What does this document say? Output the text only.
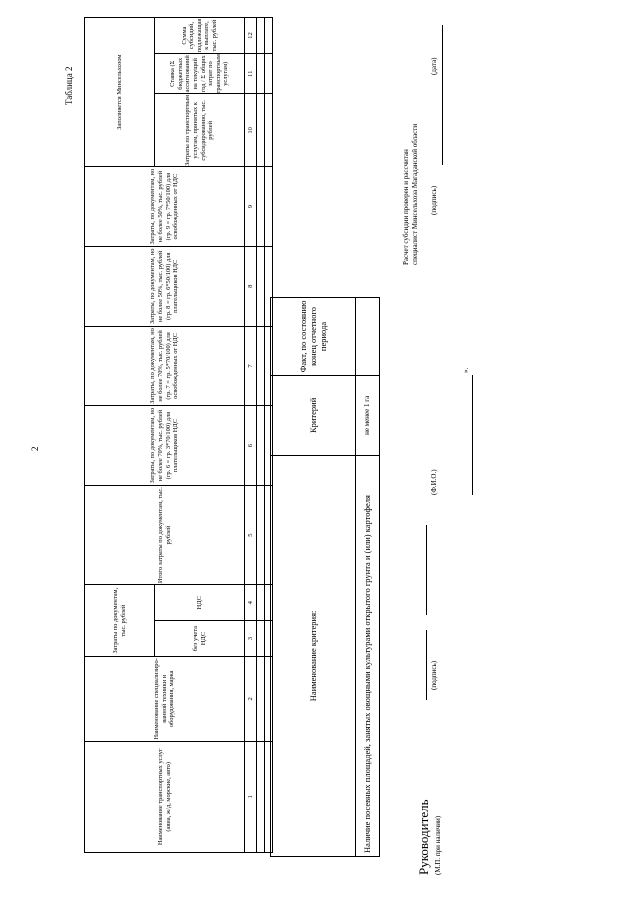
2
Таблица 2
Наименование транспортных услуг (авиа, ж/д, морские, авто)	Наименование специализиро-ванной техники и оборудования, марка	Затраты по документам, тыс. рублей		Итого затраты по документам, тыс. рублей	Затраты, по документам, но не более 70%, тыс. рублей (гр. 6 = гр. 3*70/100) для плательщиков НДС	Затраты, по документам, но не более 70%, тыс. рублей (гр. 7 = гр. 5*70/100) для освобожденных от НДС	Затраты, по документам, но не более 50%, тыс. рублей (гр. 8 = гр. 6*50/100) для плательщиков НДС	Затраты, по документам, но не более 50%, тыс. рублей (гр. 9 = гр. 7*50/100) для освобожденных от НДС	Заполняется Минсельхозом		
		без учета НДС	НДС						Затраты по транспортным услугам, принятых к субсидированию, тыс. рублей	Ставка (Σ бюджетных ассигнований на текущий год / Σ общих затрат по транспортным услугам)	Сумма субсидий, подлежащая к выплате, тыс. рублей
1	2	3	4	5	6	7	8	9	10	11	12

Наименование критерия:	Критерий	Факт, по состоянию конец отчетного периода
Наличие посевных площадей, занятых овощными культурами открытого грунта и (или) картофеля	не менее 1 га	
Руководитель (М.П. при наличии)
(подпись)
(Ф.И.О.)
».
Расчет субсидии проверен и рассчитан специалист Минсельхоза Магаданской области (подпись)
(дата)
